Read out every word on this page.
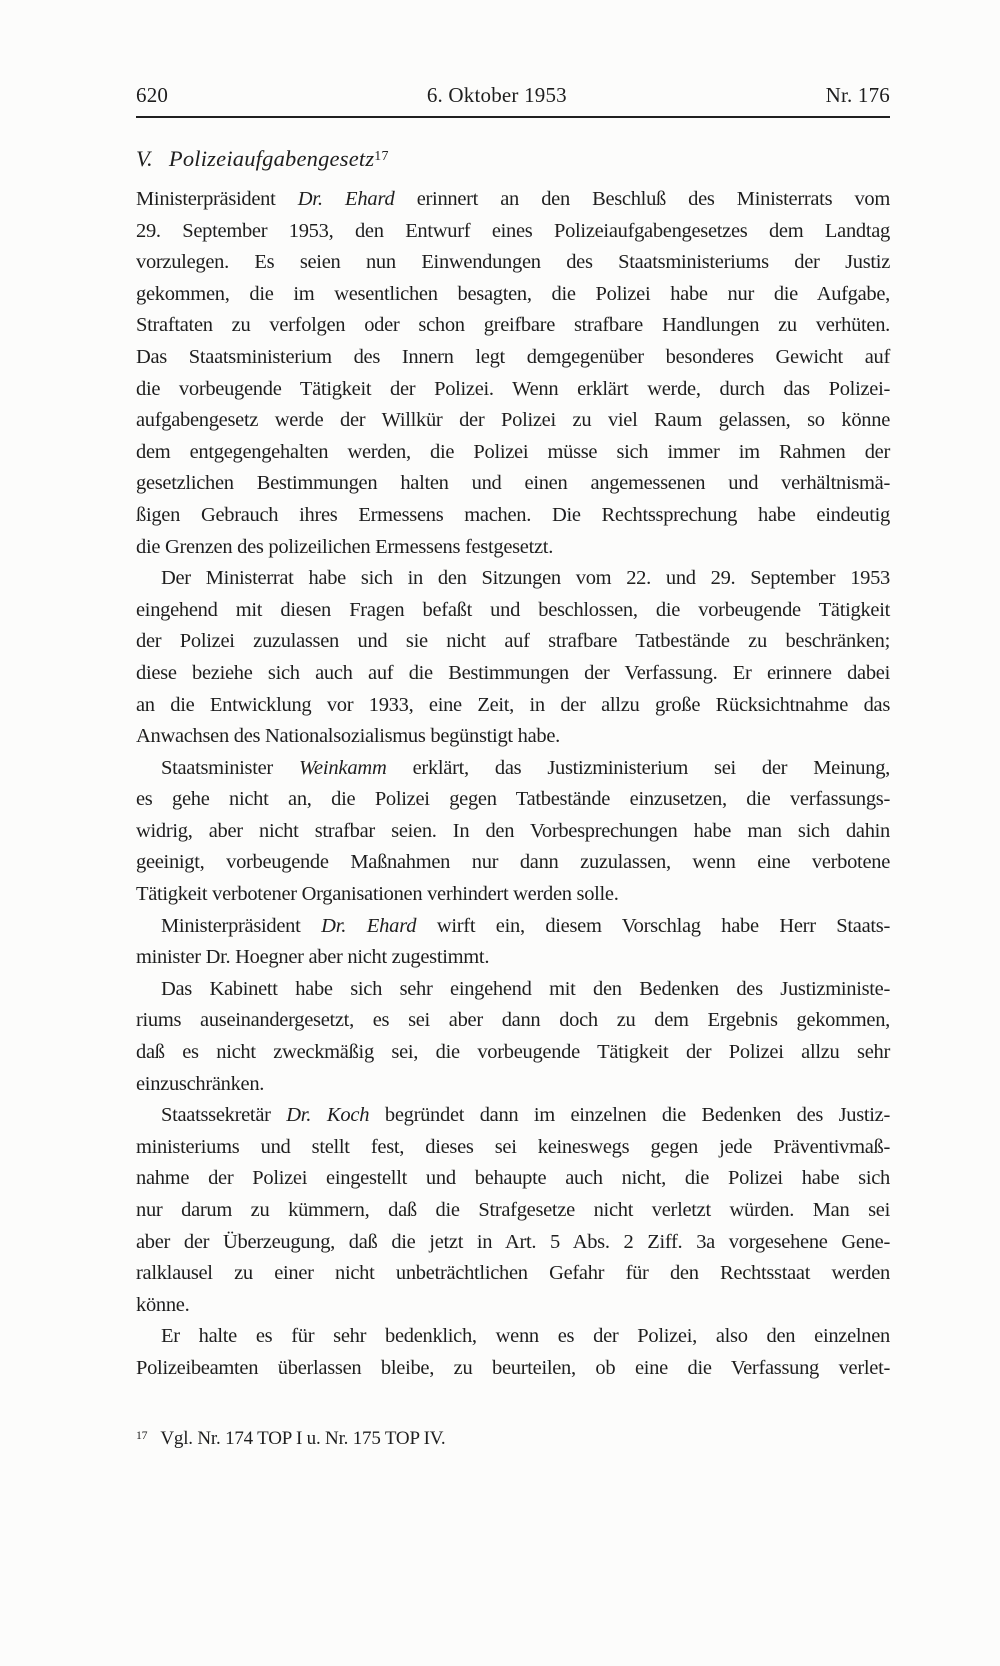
620	6. Oktober 1953	Nr. 176
V. Polizeiaufgabengesetz$^{17}$
Ministerpräsident Dr. Ehard erinnert an den Beschluß des Ministerrats vom
29. September 1953, den Entwurf eines Polizeiaufgabengesetzes dem Landtag
vorzulegen. Es seien nun Einwendungen des Staatsministeriums der Justiz
gekommen, die im wesentlichen besagten, die Polizei habe nur die Aufgabe,
Straftaten zu verfolgen oder schon greifbare strafbare Handlungen zu verhüten.
Das Staatsministerium des Innern legt demgegenüber besonderes Gewicht auf
die vorbeugende Tätigkeit der Polizei. Wenn erklärt werde, durch das Polizei-
aufgabengesetz werde der Willkür der Polizei zu viel Raum gelassen, so könne
dem entgegengehalten werden, die Polizei müsse sich immer im Rahmen der
gesetzlichen Bestimmungen halten und einen angemessenen und verhältnismä-
ßigen Gebrauch ihres Ermessens machen. Die Rechtssprechung habe eindeutig
die Grenzen des polizeilichen Ermessens festgesetzt.
Der Ministerrat habe sich in den Sitzungen vom 22. und 29. September 1953
eingehend mit diesen Fragen befaßt und beschlossen, die vorbeugende Tätigkeit
der Polizei zuzulassen und sie nicht auf strafbare Tatbestände zu beschränken;
diese beziehe sich auch auf die Bestimmungen der Verfassung. Er erinnere dabei
an die Entwicklung vor 1933, eine Zeit, in der allzu große Rücksichtnahme das
Anwachsen des Nationalsozialismus begünstigt habe.
Staatsminister Weinkamm erklärt, das Justizministerium sei der Meinung,
es gehe nicht an, die Polizei gegen Tatbestände einzusetzen, die verfassungs-
widrig, aber nicht strafbar seien. In den Vorbesprechungen habe man sich dahin
geeinigt, vorbeugende Maßnahmen nur dann zuzulassen, wenn eine verbotene
Tätigkeit verbotener Organisationen verhindert werden solle.
Ministerpräsident Dr. Ehard wirft ein, diesem Vorschlag habe Herr Staats-
minister Dr. Hoegner aber nicht zugestimmt.
Das Kabinett habe sich sehr eingehend mit den Bedenken des Justizministe-
riums auseinandergesetzt, es sei aber dann doch zu dem Ergebnis gekommen,
daß es nicht zweckmäßig sei, die vorbeugende Tätigkeit der Polizei allzu sehr
einzuschränken.
Staatssekretär Dr. Koch begründet dann im einzelnen die Bedenken des Justiz-
ministeriums und stellt fest, dieses sei keineswegs gegen jede Präventivmaß-
nahme der Polizei eingestellt und behaupte auch nicht, die Polizei habe sich
nur darum zu kümmern, daß die Strafgesetze nicht verletzt würden. Man sei
aber der Überzeugung, daß die jetzt in Art. 5 Abs. 2 Ziff. 3a vorgesehene Gene-
ralklausel zu einer nicht unbeträchtlichen Gefahr für den Rechtsstaat werden
könne.
Er halte es für sehr bedenklich, wenn es der Polizei, also den einzelnen
Polizeibeamten überlassen bleibe, zu beurteilen, ob eine die Verfassung verlet-
$^{17}$ Vgl. Nr. 174 TOP I u. Nr. 175 TOP IV.
